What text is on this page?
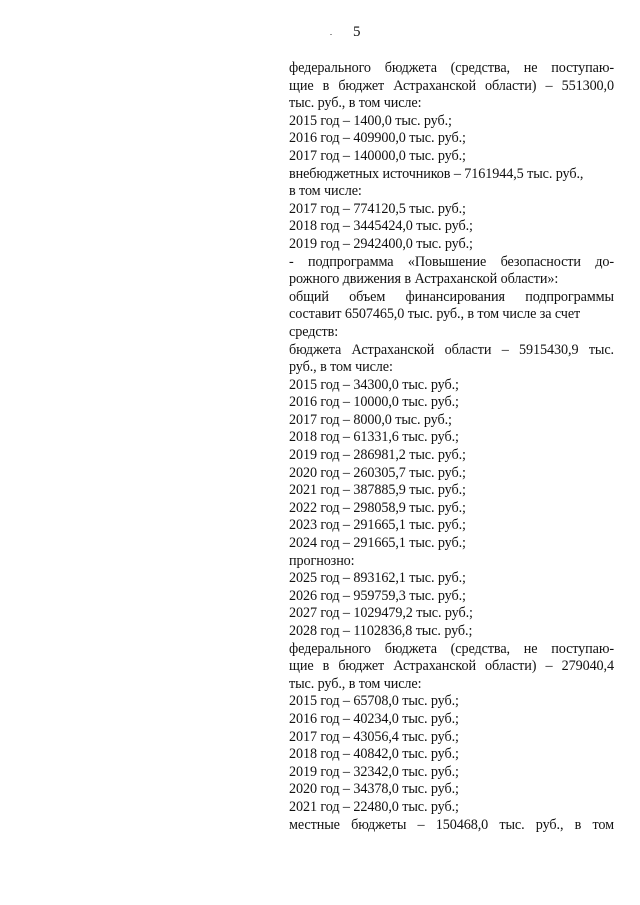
5
федерального бюджета (средства, не поступаю-
щие в бюджет Астраханской области) – 551300,0
тыс. руб., в том числе:
2015 год – 1400,0 тыс. руб.;
2016 год – 409900,0 тыс. руб.;
2017 год – 140000,0 тыс. руб.;
внебюджетных источников – 7161944,5 тыс. руб.,
в том числе:
2017 год – 774120,5 тыс. руб.;
2018 год – 3445424,0 тыс. руб.;
2019 год – 2942400,0 тыс. руб.;
- подпрограмма «Повышение безопасности до-
рожного движения в Астраханской области»:
общий объем финансирования подпрограммы
составит 6507465,0 тыс. руб., в том числе за счет
средств:
бюджета Астраханской области – 5915430,9 тыс.
руб., в том числе:
2015 год – 34300,0 тыс. руб.;
2016 год – 10000,0 тыс. руб.;
2017 год – 8000,0 тыс. руб.;
2018 год – 61331,6 тыс. руб.;
2019 год – 286981,2 тыс. руб.;
2020 год – 260305,7 тыс. руб.;
2021 год – 387885,9 тыс. руб.;
2022 год – 298058,9 тыс. руб.;
2023 год – 291665,1 тыс. руб.;
2024 год – 291665,1 тыс. руб.;
прогнозно:
2025 год – 893162,1 тыс. руб.;
2026 год – 959759,3 тыс. руб.;
2027 год – 1029479,2 тыс. руб.;
2028 год – 1102836,8 тыс. руб.;
федерального бюджета (средства, не поступаю-
щие в бюджет Астраханской области) – 279040,4
тыс. руб., в том числе:
2015 год – 65708,0 тыс. руб.;
2016 год – 40234,0 тыс. руб.;
2017 год – 43056,4 тыс. руб.;
2018 год – 40842,0 тыс. руб.;
2019 год – 32342,0 тыс. руб.;
2020 год – 34378,0 тыс. руб.;
2021 год – 22480,0 тыс. руб.;
местные бюджеты – 150468,0 тыс. руб., в том
